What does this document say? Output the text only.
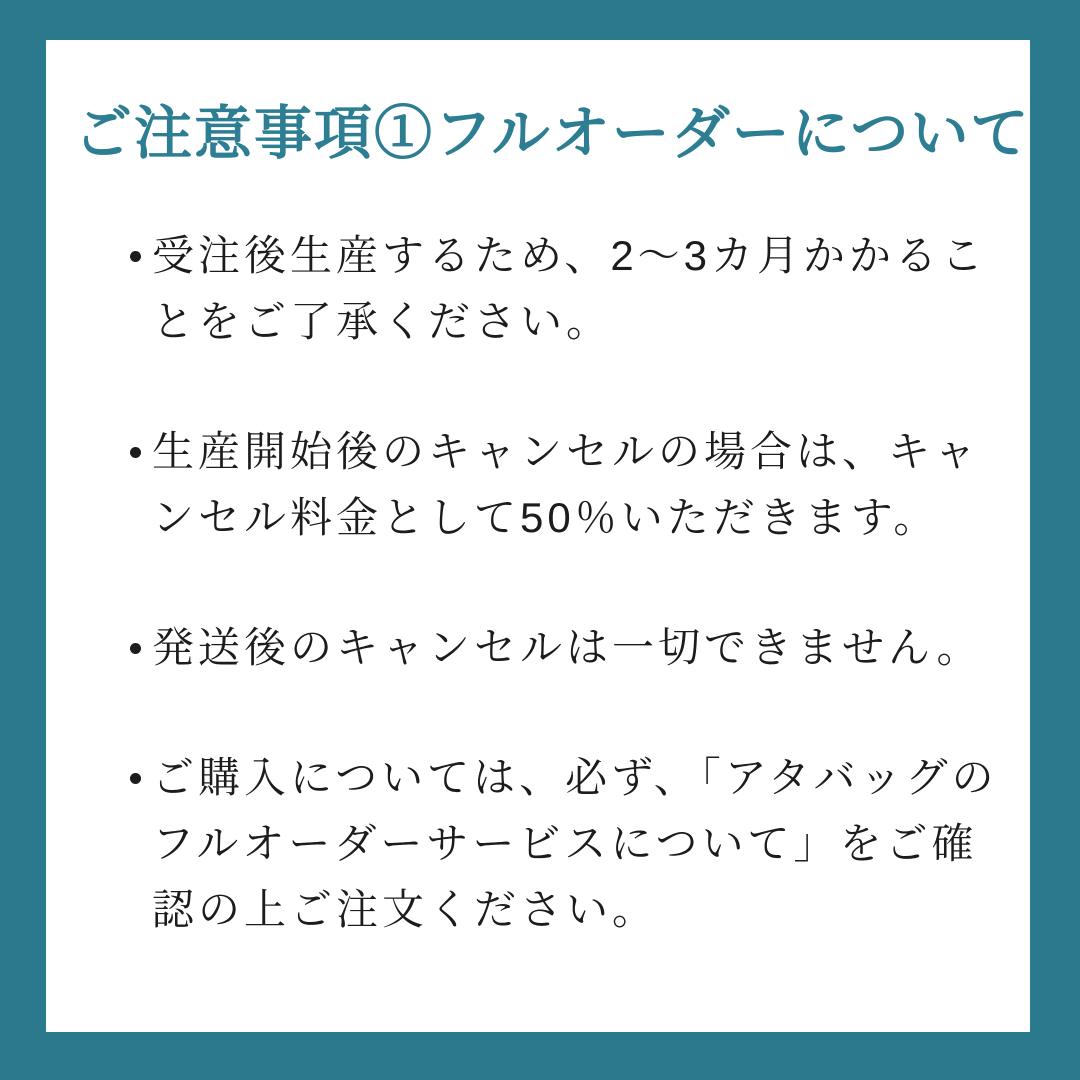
ご注意事項①フルオーダーについて
受注後生産するため、2〜3カ月かかることをご了承ください。
生産開始後のキャンセルの場合は、キャンセル料金として50％いただきます。
発送後のキャンセルは一切できません。
ご購入については、必ず、「アタバッグのフルオーダーサービスについて」をご確認の上ご注文ください。
